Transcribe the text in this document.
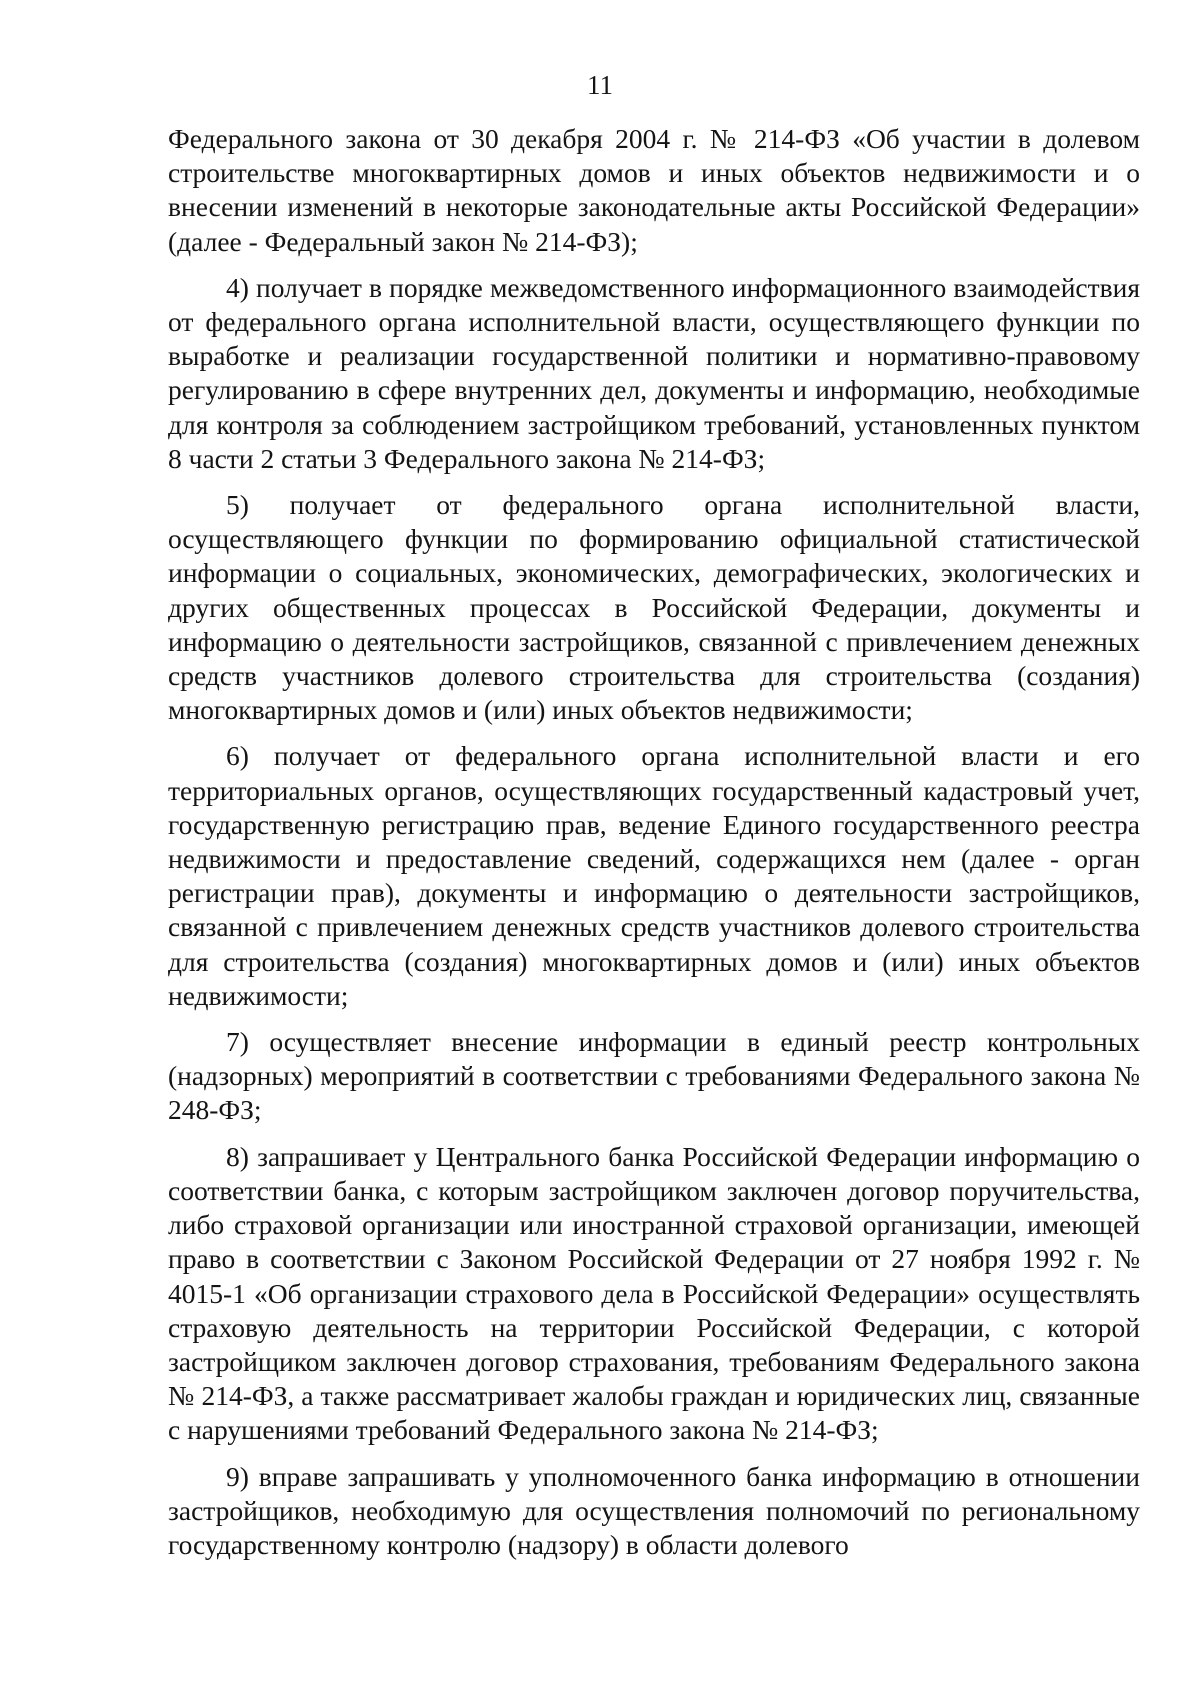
11

Федерального закона от 30 декабря 2004 г. № 214-ФЗ «Об участии в долевом строительстве многоквартирных домов и иных объектов недвижимости и о внесении изменений в некоторые законодательные акты Российской Федерации» (далее - Федеральный закон № 214-ФЗ);

4) получает в порядке межведомственного информационного взаимодействия от федерального органа исполнительной власти, осуществляющего функции по выработке и реализации государственной политики и нормативно-правовому регулированию в сфере внутренних дел, документы и информацию, необходимые для контроля за соблюдением застройщиком требований, установленных пунктом 8 части 2 статьи 3 Федерального закона № 214-ФЗ;

5) получает от федерального органа исполнительной власти, осуществляющего функции по формированию официальной статистической информации о социальных, экономических, демографических, экологических и других общественных процессах в Российской Федерации, документы и информацию о деятельности застройщиков, связанной с привлечением денежных средств участников долевого строительства для строительства (создания) многоквартирных домов и (или) иных объектов недвижимости;

6) получает от федерального органа исполнительной власти и его территориальных органов, осуществляющих государственный кадастровый учет, государственную регистрацию прав, ведение Единого государственного реестра недвижимости и предоставление сведений, содержащихся нем (далее - орган регистрации прав), документы и информацию о деятельности застройщиков, связанной с привлечением денежных средств участников долевого строительства для строительства (создания) многоквартирных домов и (или) иных объектов недвижимости;

7) осуществляет внесение информации в единый реестр контрольных (надзорных) мероприятий в соответствии с требованиями Федерального закона № 248-ФЗ;

8) запрашивает у Центрального банка Российской Федерации информацию о соответствии банка, с которым застройщиком заключен договор поручительства, либо страховой организации или иностранной страховой организации, имеющей право в соответствии с Законом Российской Федерации от 27 ноября 1992 г. № 4015-1 «Об организации страхового дела в Российской Федерации» осуществлять страховую деятельность на территории Российской Федерации, с которой застройщиком заключен договор страхования, требованиям Федерального закона № 214-ФЗ, а также рассматривает жалобы граждан и юридических лиц, связанные с нарушениями требований Федерального закона № 214-ФЗ;

9) вправе запрашивать у уполномоченного банка информацию в отношении застройщиков, необходимую для осуществления полномочий по региональному государственному контролю (надзору) в области долевого
